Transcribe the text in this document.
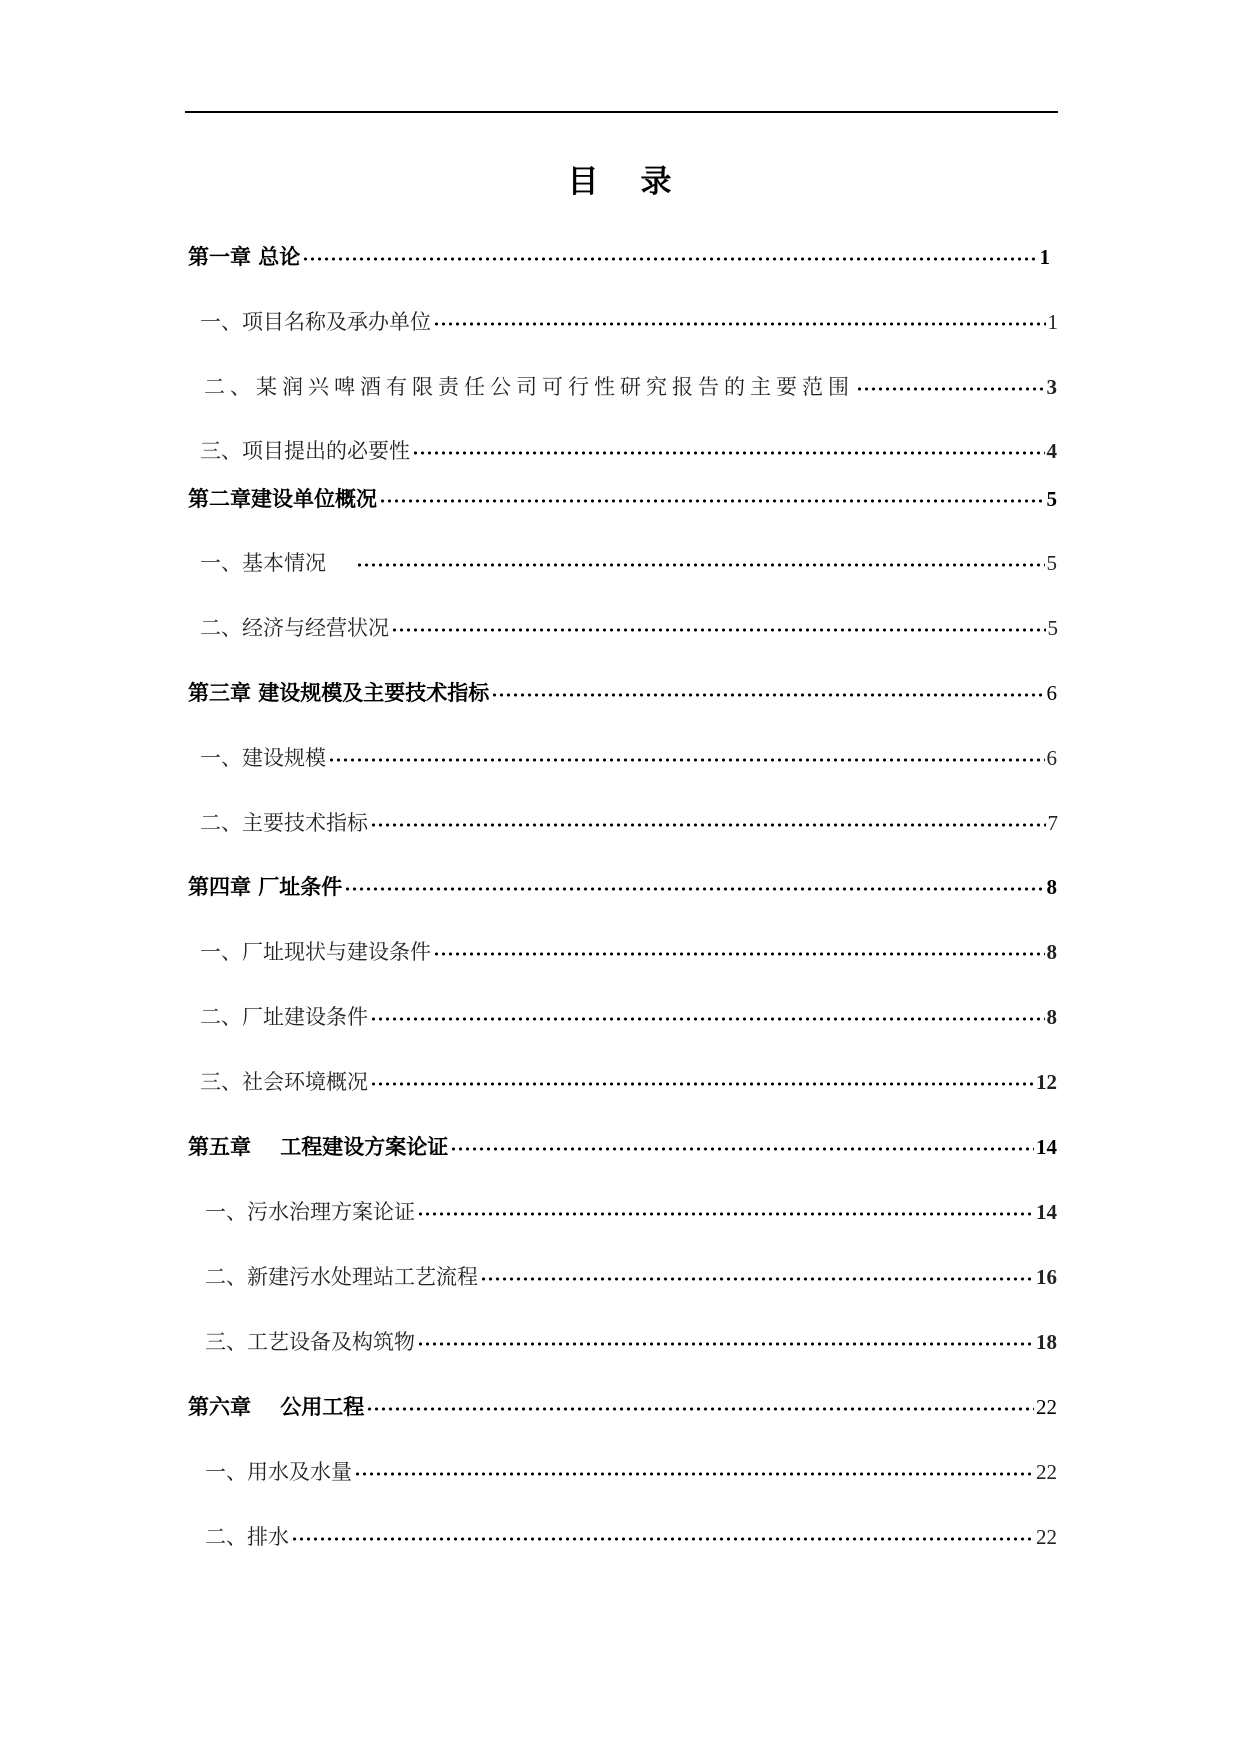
目 录
第一章 总论	1
一、项目名称及承办单位	1
二、某润兴啤酒有限责任公司可行性研究报告的主要范围	3
三、项目提出的必要性	4
第二章建设单位概况	5
一、基本情况	5
二、经济与经营状况	5
第三章 建设规模及主要技术指标	6
一、建设规模	6
二、主要技术指标	7
第四章 厂址条件	8
一、厂址现状与建设条件	8
二、厂址建设条件	8
三、社会环境概况	12
第五章    工程建设方案论证	14
一、污水治理方案论证	14
二、新建污水处理站工艺流程	16
三、工艺设备及构筑物	18
第六章    公用工程	22
一、用水及水量	22
二、排水	22
